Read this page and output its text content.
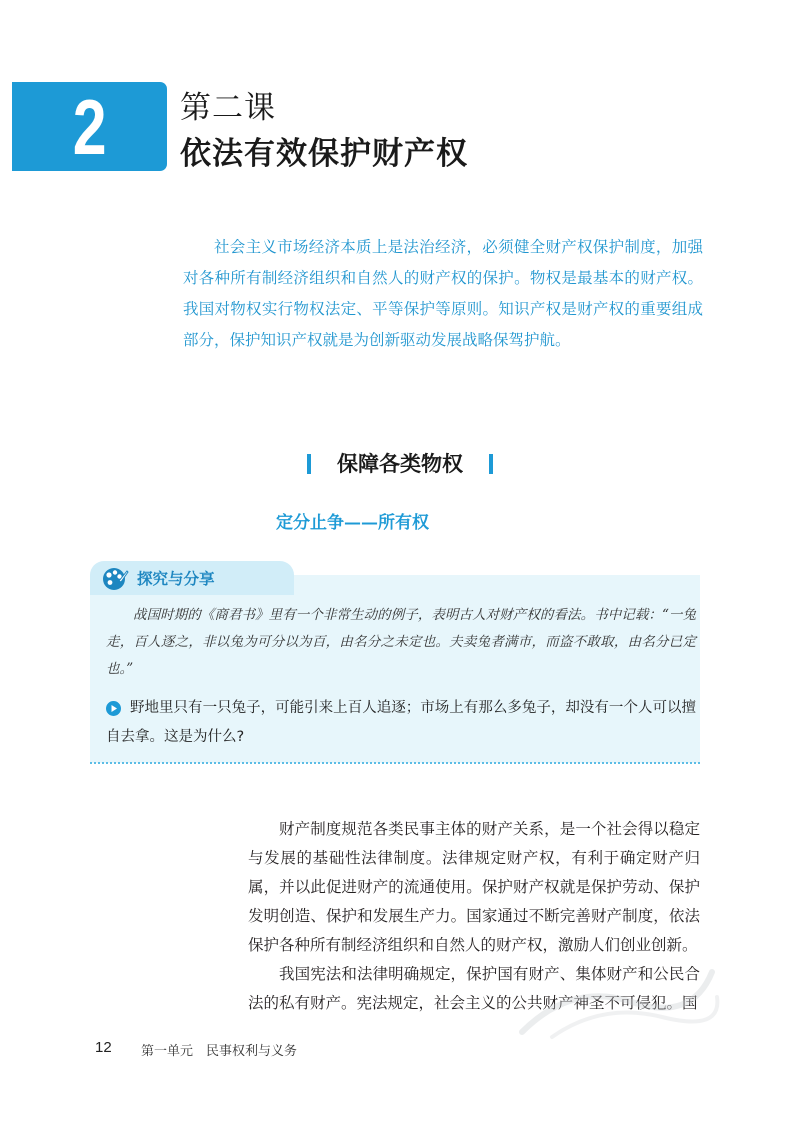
2 第二课
依法有效保护财产权

社会主义市场经济本质上是法治经济，必须健全财产权保护制度，加强对各种所有制经济组织和自然人的财产权的保护。物权是最基本的财产权。我国对物权实行物权法定、平等保护等原则。知识产权是财产权的重要组成部分，保护知识产权就是为创新驱动发展战略保驾护航。

保障各类物权
定分止争——所有权
探究与分享

战国时期的《商君书》里有一个非常生动的例子，表明古人对财产权的看法。书中记载：“一兔走，百人逐之，非以兔为可分以为百，由名分之未定也。夫卖兔者满市，而盗不敢取，由名分已定也。”

野地里只有一只兔子，可能引来上百人追逐；市场上有那么多兔子，却没有一个人可以擅自去拿。这是为什么?

财产制度规范各类民事主体的财产关系，是一个社会得以稳定与发展的基础性法律制度。法律规定财产权，有利于确定财产归属，并以此促进财产的流通使用。保护财产权就是保护劳动、保护发明创造、保护和发展生产力。国家通过不断完善财产制度，依法保护各种所有制经济组织和自然人的财产权，激励人们创业创新。

我国宪法和法律明确规定，保护国有财产、集体财产和公民合法的私有财产。宪法规定，社会主义的公共财产神圣不可侵犯。国

12 第一单元　民事权利与义务
